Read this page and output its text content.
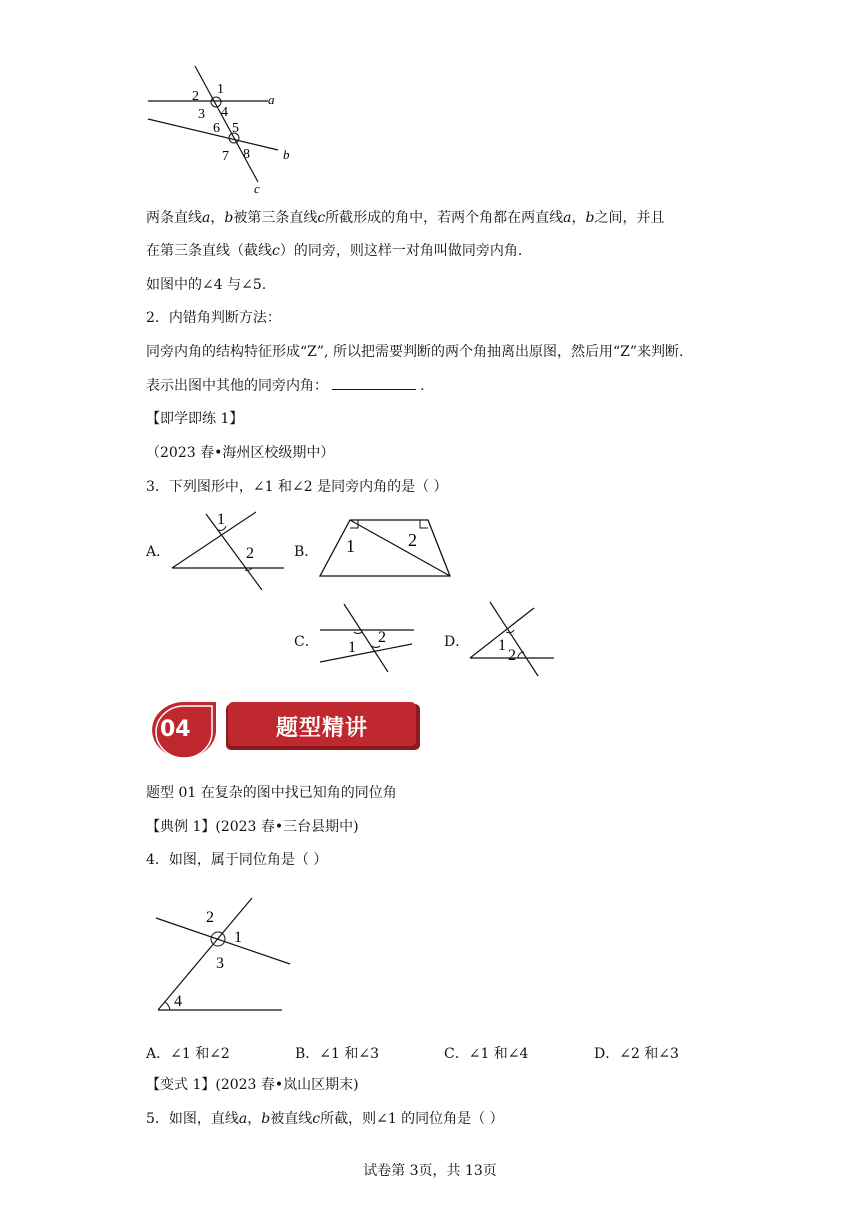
1
2
3 4
5
6
7 8
a
b
c
两条直线a，b被第三条直线c所截形成的角中，若两个角都在两直线a，b之间，并且
在第三条直线（截线c）的同旁，则这样一对角叫做同旁内角.
如图中的∠4 与∠5.
2．内错角判断方法：
同旁内角的结构特征形成“Z”, 所以把需要判断的两个角抽离出原图，然后用“Z”来判断.
表示出图中其他的同旁内角：	.
【即学即练 1】
（2023 春•海州区校级期中）
3．下列图形中，∠1 和∠2 是同旁内角的是（ ）
A．
1
2	B． 1	2
C． 1
2	D． 1
2
04	题型精讲
题型 01 在复杂的图中找已知角的同位角
【典例 1】(2023 春•三台县期中)
4．如图，属于同位角是（ ）
1
2
3
4
A．∠1 和∠2	B．∠1 和∠3	C．∠1 和∠4	D．∠2 和∠3
【变式 1】(2023 春•岚山区期末)
5．如图，直线a，b被直线c所截，则∠1 的同位角是（ ）
试卷第 3页，共 13页
